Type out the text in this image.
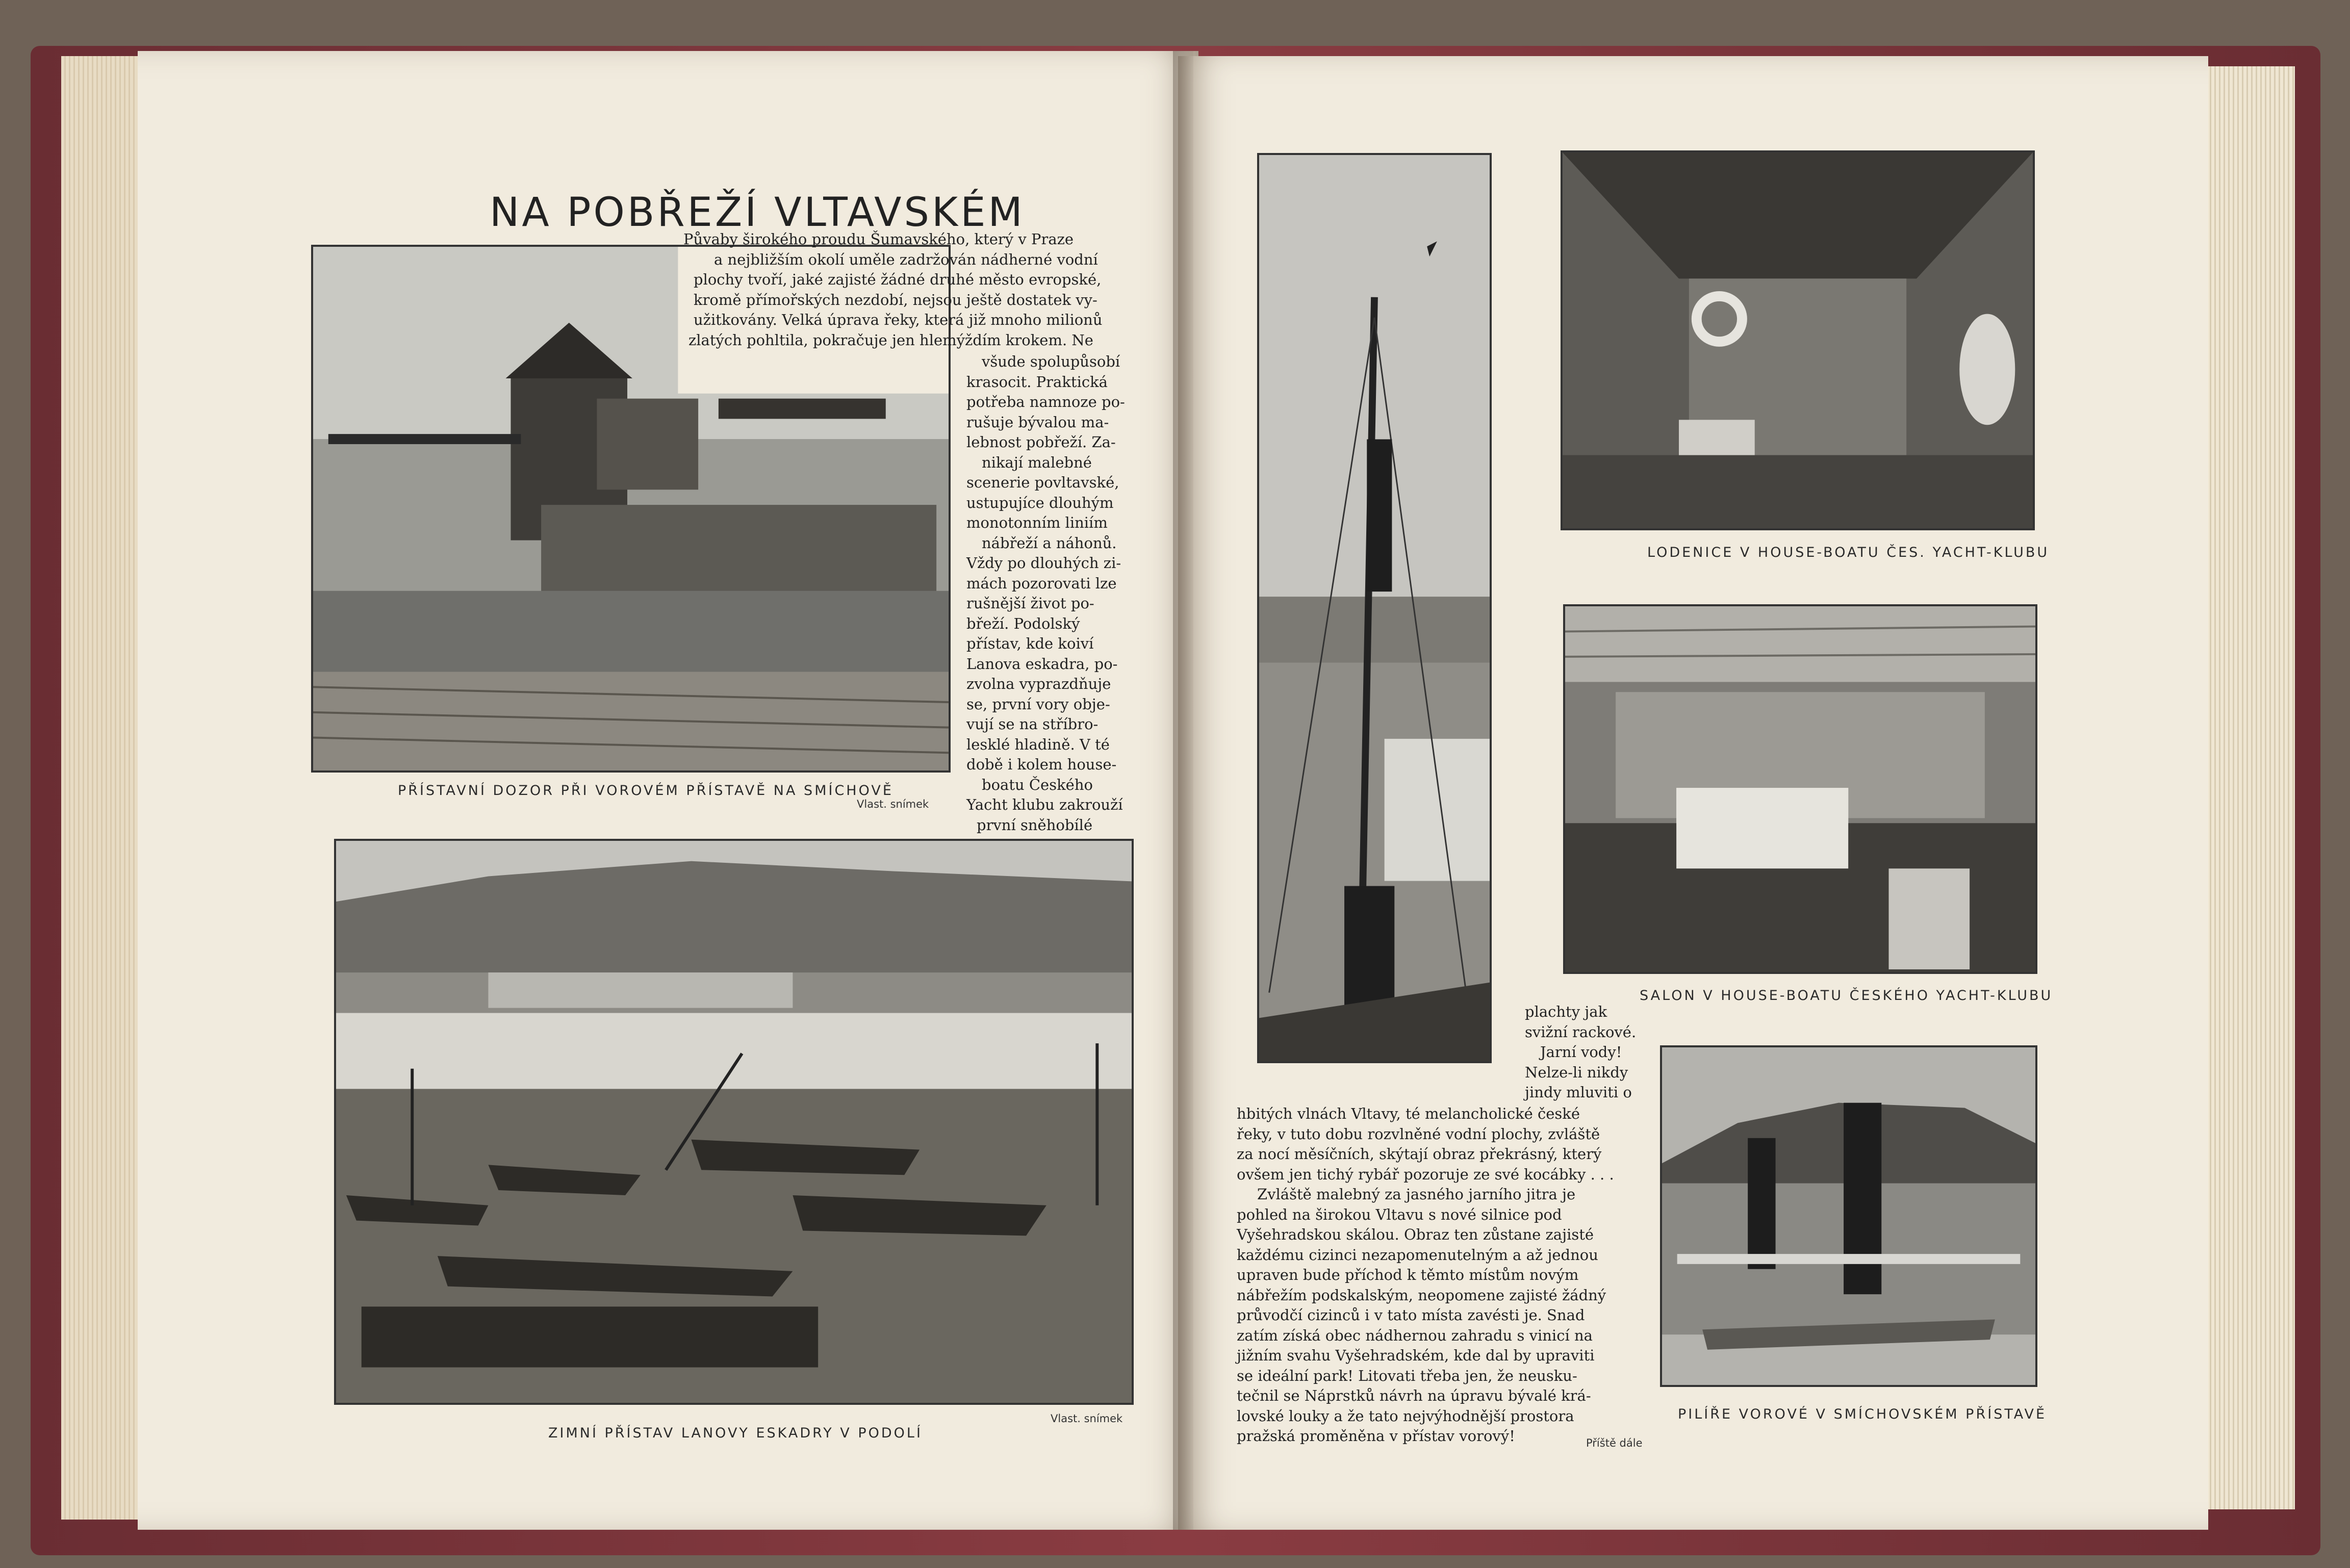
NA POBŘEŽÍ VLTAVSKÉM
PŘÍSTAVNÍ DOZOR PŘI VOROVÉM PŘÍSTAVĚ NA SMÍCHOVĚ
Vlast. snímek

Půvaby širokého proudu Šumavského, který v Praze

a nejbližším okolí uměle zadržován nádherné vodní

plochy tvoří, jaké zajisté žádné druhé město evropské,

kromě přímořských nezdobí, nejsou ještě dostatek vy-

užitkovány. Velká úprava řeky, která již mnoho milionů

zlatých pohltila, pokračuje jen hlemýždím krokem. Ne

všude spolupůsobí

krasocit. Praktická

potřeba namnoze po-

rušuje bývalou ma-

lebnost pobřeží. Za-

nikají malebné

scenerie povltavské,

ustupujíce dlouhým

monotonním liniím

nábřeží a náhonů.

Vždy po dlouhých zi-

mách pozorovati lze

rušnější život po-

břeží. Podolský

přístav, kde koiví

Lanova eskadra, po-

zvolna vyprazdňuje

se, první vory obje-

vují se na stříbro-

lesklé hladině. V té

době i kolem house-

boatu Českého

Yacht klubu zakrouží

první sněhobílé

ZIMNÍ PŘÍSTAV LANOVY ESKADRY V PODOLÍ
Vlast. snímek
LODENICE V HOUSE-BOATU ČES. YACHT-KLUBU
SALON V HOUSE-BOATU ČESKÉHO YACHT-KLUBU
PILÍŘE VOROVÉ V SMÍCHOVSKÉM PŘÍSTAVĚ

plachty jak

svižní rackové.

Jarní vody!

Nelze-li nikdy

jindy mluviti o

hbitých vlnách Vltavy, té melancholické české

řeky, v tuto dobu rozvlněné vodní plochy, zvláště

za nocí měsíčních, skýtají obraz překrásný, který

ovšem jen tichý rybář pozoruje ze své kocábky . . .

Zvláště malebný za jasného jarního jitra je

pohled na širokou Vltavu s nové silnice pod

Vyšehradskou skálou. Obraz ten zůstane zajisté

každému cizinci nezapomenutelným a až jednou

upraven bude příchod k těmto místům novým

nábřežím podskalským, neopomene zajisté žádný

průvodčí cizinců i v tato místa zavésti je. Snad

zatím získá obec nádhernou zahradu s vinicí na

jižním svahu Vyšehradském, kde dal by upraviti

se ideální park! Litovati třeba jen, že neusku-

tečnil se Náprstků návrh na úpravu bývalé krá-

lovské louky a že tato nejvýhodnější prostora

pražská proměněna v přístav vorový!	Příště dále
